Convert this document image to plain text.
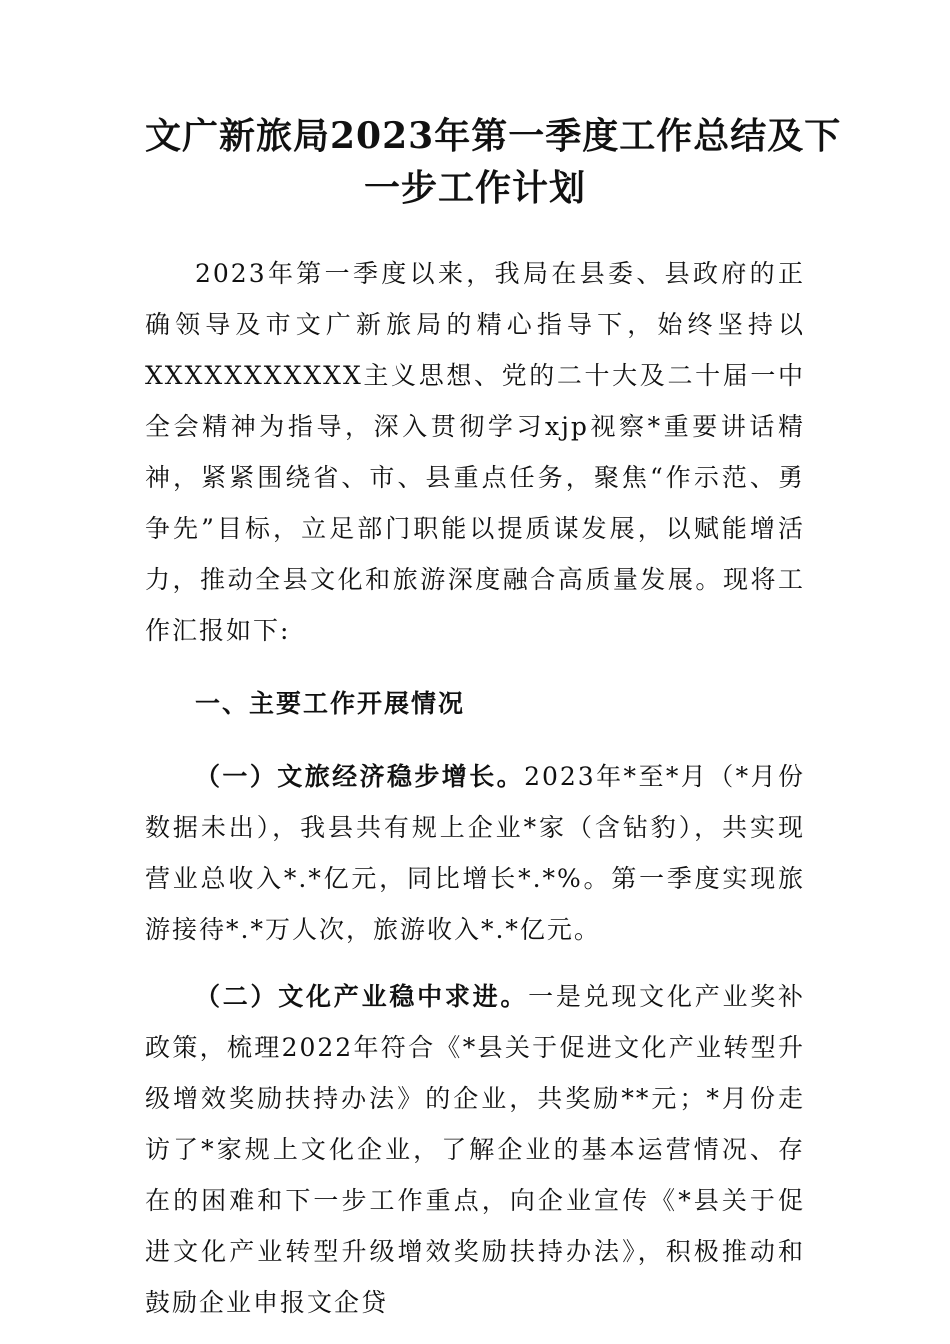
文广新旅局2023年第一季度工作总结及下
一步工作计划

2023年第一季度以来，我局在县委、县政府的正确领导及市文广新旅局的精心指导下，始终坚持以XXXXXXXXXXX主义思想、党的二十大及二十届一中全会精神为指导，深入贯彻学习xjp视察*重要讲话精神，紧紧围绕省、市、县重点任务，聚焦“作示范、勇争先”目标，立足部门职能以提质谋发展，以赋能增活力，推动全县文化和旅游深度融合高质量发展。现将工作汇报如下:

一、主要工作开展情况

（一）文旅经济稳步增长。2023年*至*月（*月份数据未出），我县共有规上企业*家（含钻豹），共实现营业总收入*.*亿元，同比增长*.*%。第一季度实现旅游接待*.*万人次，旅游收入*.*亿元。

（二）文化产业稳中求进。一是兑现文化产业奖补政策，梳理2022年符合《*县关于促进文化产业转型升级增效奖励扶持办法》的企业，共奖励**元；*月份走访了*家规上文化企业，了解企业的基本运营情况、存在的困难和下一步工作重点，向企业宣传《*县关于促进文化产业转型升级增效奖励扶持办法》，积极推动和鼓励企业申报文企贷
